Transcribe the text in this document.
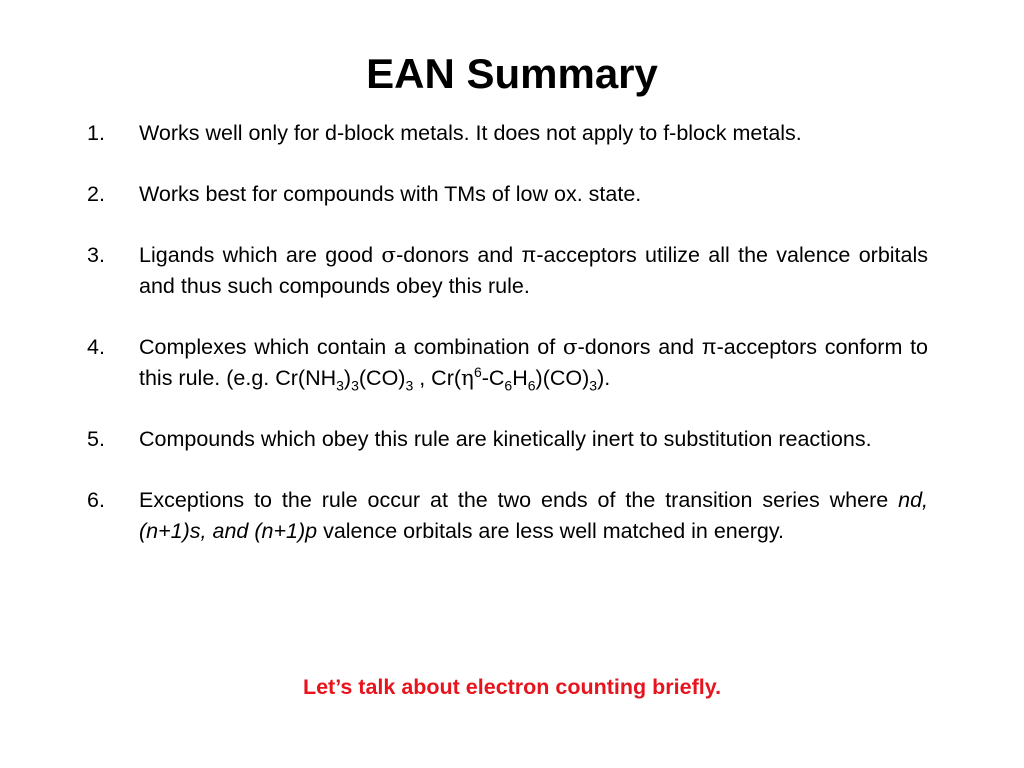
EAN Summary
1.	Works well only for d-block metals. It does not apply to f-block metals.
2.	Works best for compounds with TMs of low ox. state.
3.	Ligands which are good σ-donors and π-acceptors utilize all the valence orbitals and thus such compounds obey this rule.
4.	Complexes which contain a combination of σ-donors and π-acceptors conform to this rule. (e.g. $Cr(NH_3)_3(CO)_3$ , $Cr(\eta^6-C_6H_6)(CO)_3$).
5.	Compounds which obey this rule are kinetically inert to substitution reactions.
6.	Exceptions to the rule occur at the two ends of the transition series where nd, (n+1)s, and (n+1)p valence orbitals are less well matched in energy.
Let’s talk about electron counting briefly.
